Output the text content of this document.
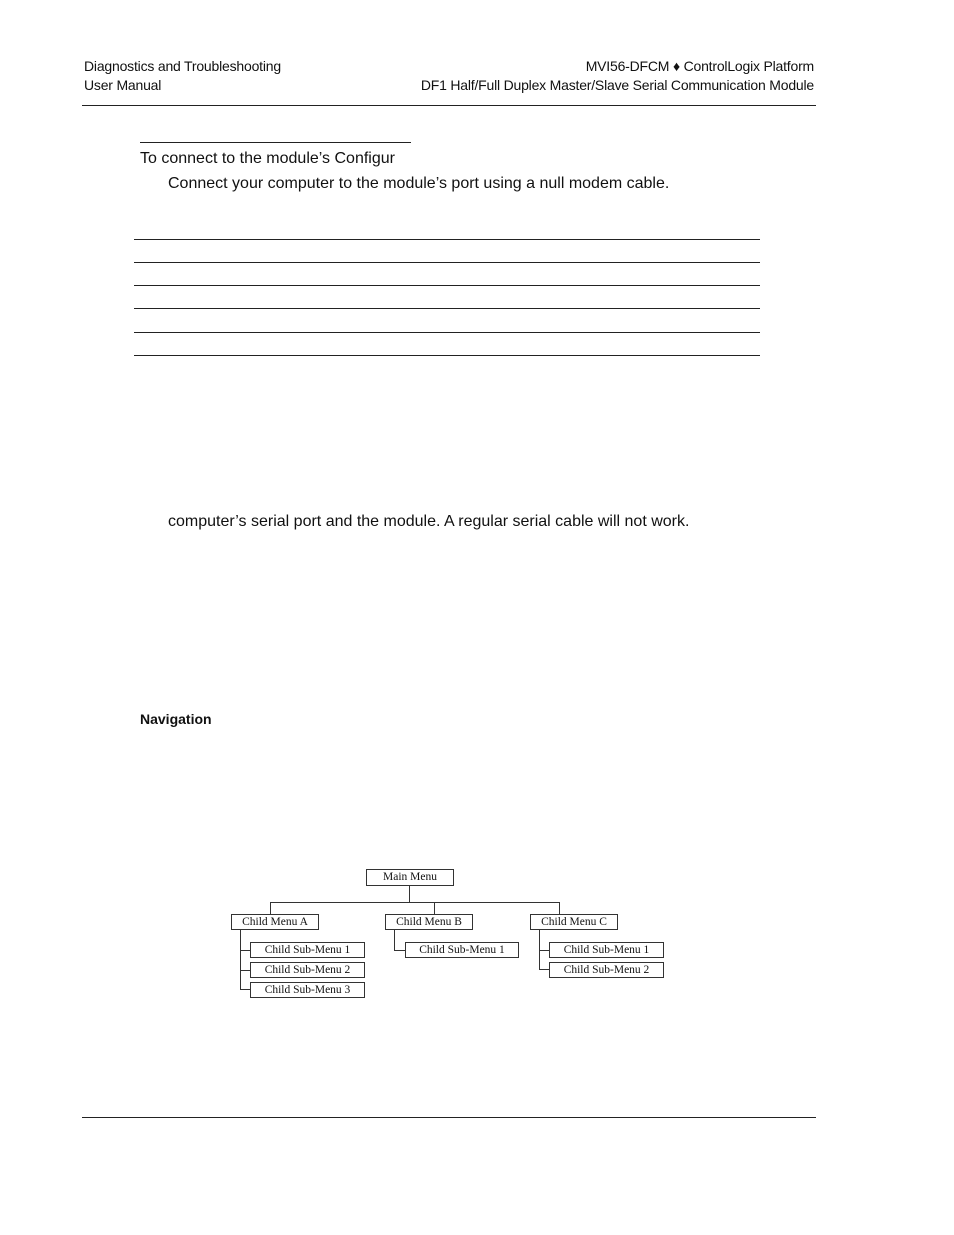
Diagnostics and Troubleshooting
User Manual
MVI56-DFCM ♦ ControlLogix Platform
DF1 Half/Full Duplex Master/Slave Serial Communication Module
To connect to the module’s Configur
Connect your computer to the module’s port using a null modem cable.
computer’s serial port and the module. A regular serial cable will not work.
Navigation
Main Menu
Child Menu A	Child Menu B	Child Menu C
Child Sub-Menu 1
Child Sub-Menu 2
Child Sub-Menu 3
Child Sub-Menu 1	Child Sub-Menu 1
Child Sub-Menu 2
